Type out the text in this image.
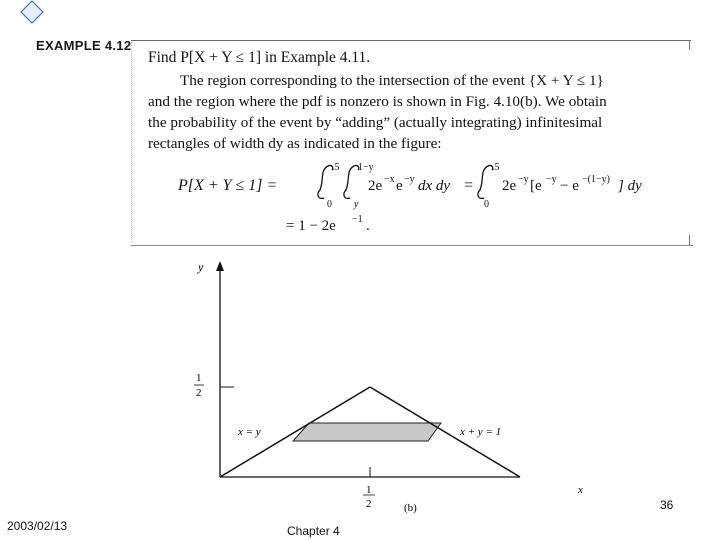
EXAMPLE 4.12
Find P[X + Y ≤ 1] in Example 4.11.
The region corresponding to the intersection of the event {X + Y ≤ 1}
and the region where the pdf is nonzero is shown in Fig. 4.10(b). We obtain
the probability of the event by “adding” (actually integrating) infinitesimal
rectangles of width dy as indicated in the figure:
P[X + Y ≤ 1] =
.5
0
1−y
y
2e −x e −y dx dy =
.5
0
2e −y [e −y − e −(1−y) ] dy
= 1 − 2e −1 .
y
x
1
2
1
2
x = y	x + y = 1
(b)	36
2003/02/13	Chapter 4
